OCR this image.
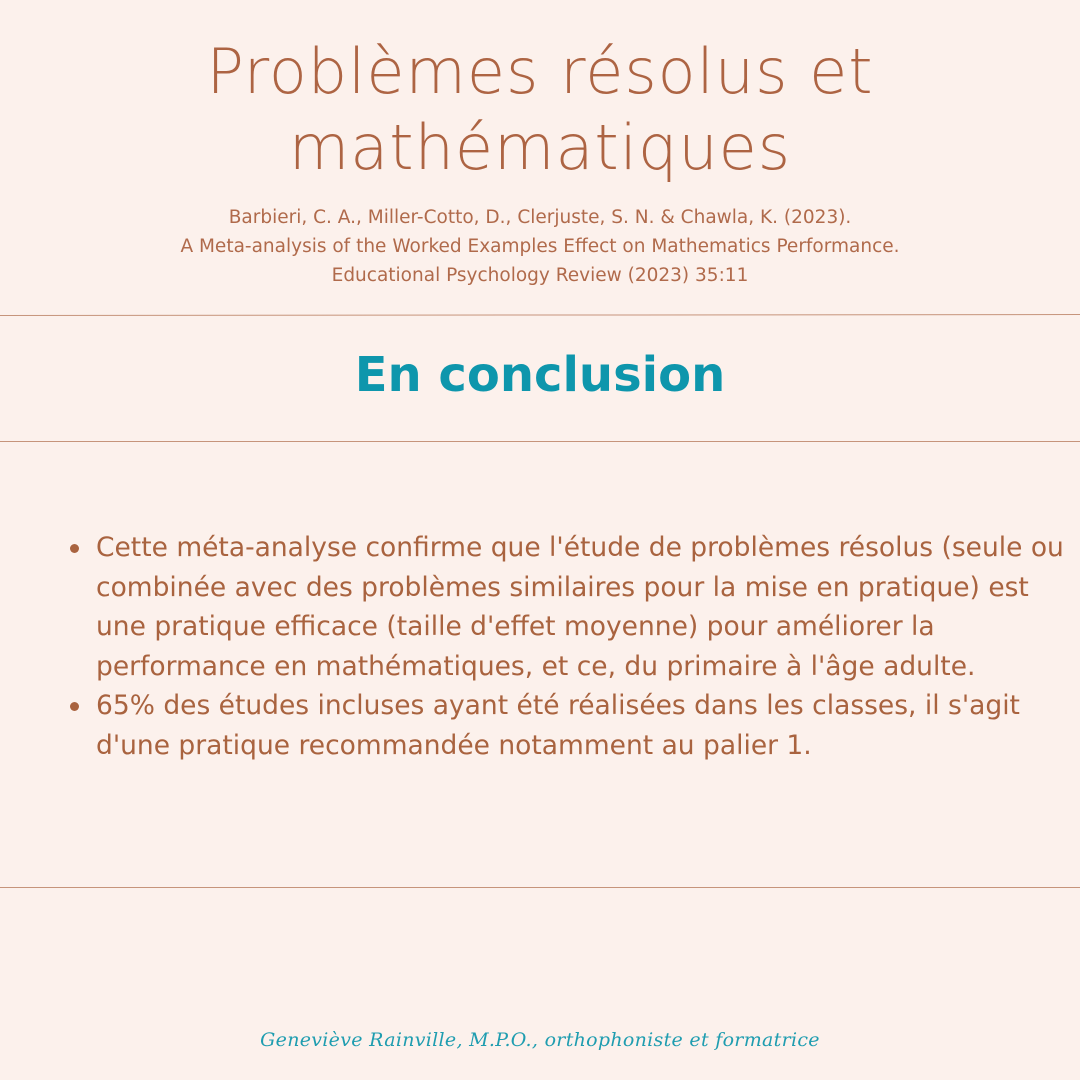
Problèmes résolus et
mathématiques
Barbieri, C. A., Miller-Cotto, D., Clerjuste, S. N. & Chawla, K. (2023).
A Meta-analysis of the Worked Examples Effect on Mathematics Performance.
Educational Psychology Review (2023) 35:11
En conclusion
Cette méta-analyse confirme que l'étude de problèmes résolus (seule ou combinée avec des problèmes similaires pour la mise en pratique) est une pratique efficace (taille d'effet moyenne) pour améliorer la performance en mathématiques, et ce, du primaire à l'âge adulte.
65% des études incluses ayant été réalisées dans les classes, il s'agit d'une pratique recommandée notamment au palier 1.
Geneviève Rainville, M.P.O., orthophoniste et formatrice
